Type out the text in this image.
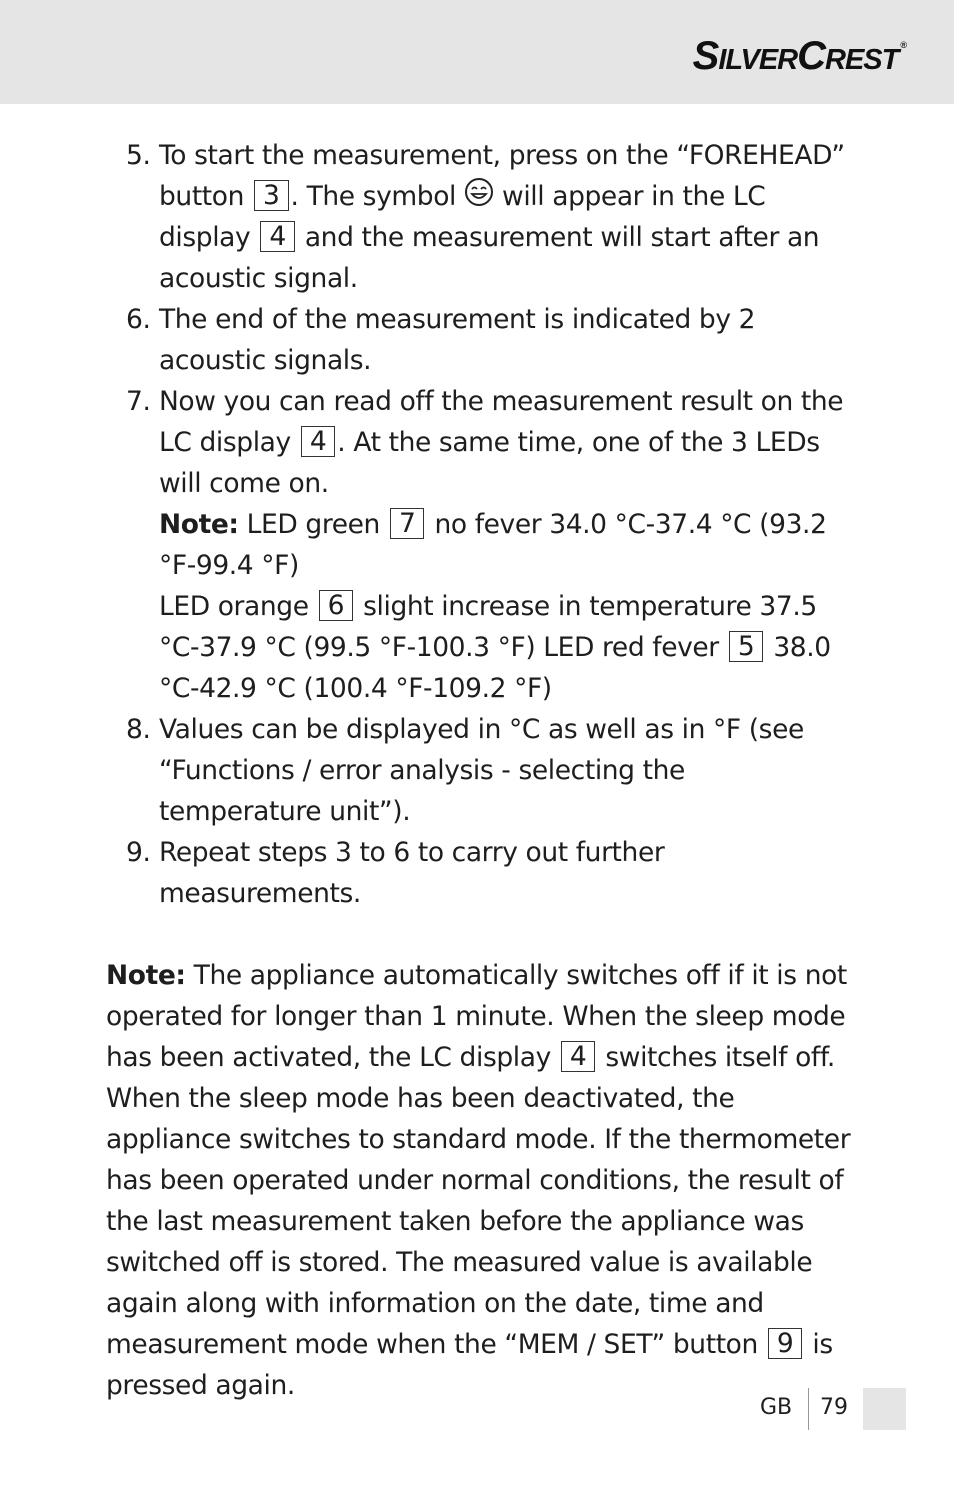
SILVERCREST ®
5. To start the measurement, press on the “FOREHEAD” button 3 . The symbol will appear in the LC display 4 and the measurement will start after an acoustic signal.
6. The end of the measurement is indicated by 2 acoustic signals.
7. Now you can read off the measurement result on the LC display 4 . At the same time, one of the 3 LEDs will come on.
Note: LED green 7 no fever 34.0 °C-37.4 °C (93.2 °F-99.4 °F)
LED orange 6 slight increase in temperature 37.5 °C-37.9 °C (99.5 °F-100.3 °F) LED red fever 5 38.0 °C-42.9 °C (100.4 °F-109.2 °F)
8. Values can be displayed in °C as well as in °F (see “Functions / error analysis - selecting the temperature unit”).
9. Repeat steps 3 to 6 to carry out further measurements.

Note: The appliance automatically switches off if it is not operated for longer than 1 minute. When the sleep mode has been activated, the LC display 4 switches itself off. When the sleep mode has been deactivated, the appliance switches to standard mode. If the thermometer has been operated under normal conditions, the result of the last measurement taken before the appliance was switched off is stored. The measured value is available again along with information on the date, time and measurement mode when the “MEM / SET” button 9 is pressed again.

GB 79
